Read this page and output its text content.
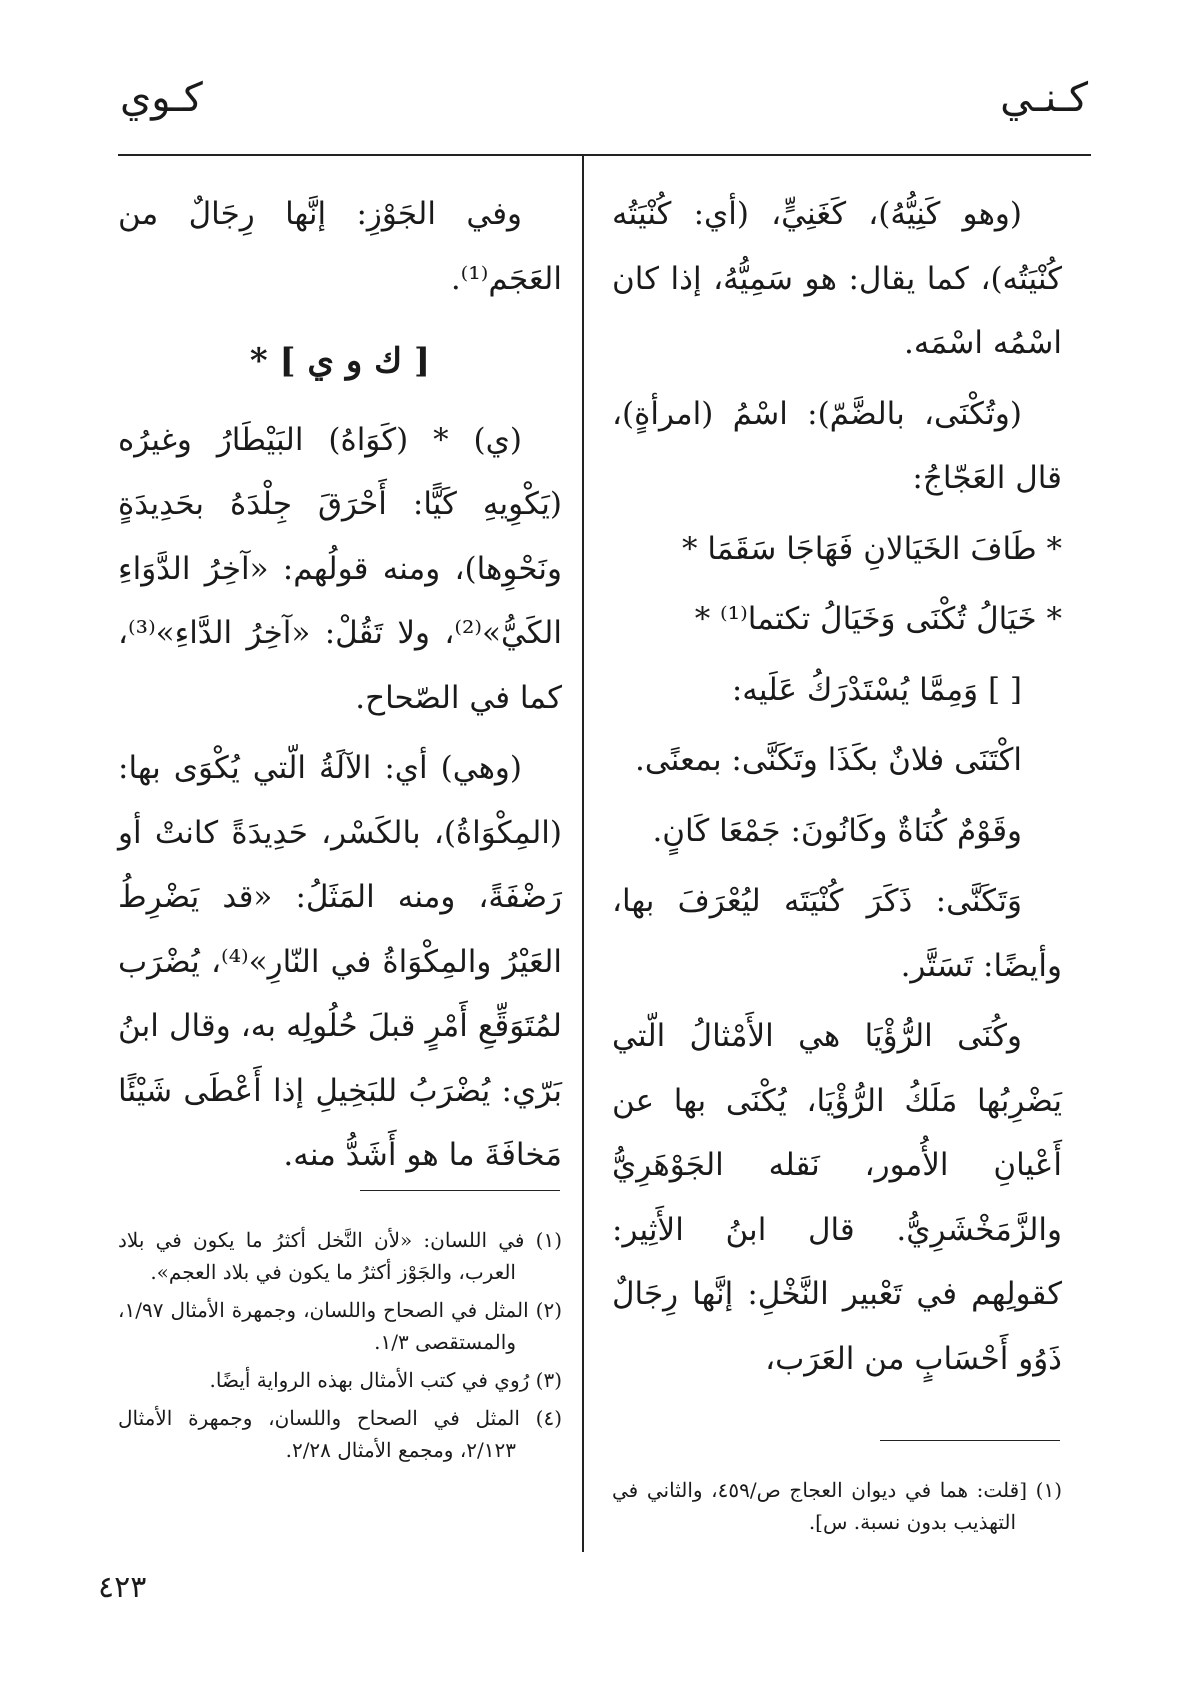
كـنـي
كـوي

(وهو كَنِيُّهُ)، كَغَنِيٍّ، (أي: كُنْيَتُه كُنْيَتُه)، كما يقال: هو سَمِيُّهُ، إذا كان اسْمُه اسْمَه.

(وتُكْنَى، بالضَّمّ): اسْمُ (امرأةٍ)، قال العَجّاجُ:

* طَافَ الخَيَالانِ فَهَاجَا سَقَمَا *

* خَيَالُ تُكْنَى وَخَيَالُ تكتما⁽¹⁾ *

[ ] وَمِمَّا يُسْتَدْرَكُ عَلَيه:

اكْتَنَى فلانٌ بكَذَا وتَكَنَّى: بمعنًى.

وقَوْمٌ كُنَاةٌ وكَانُونَ: جَمْعَا كَانٍ.

وَتَكَنَّى: ذَكَرَ كُنْيَتَه ليُعْرَفَ بها، وأيضًا: تَسَتَّر.

وكُنَى الرُّؤْيَا هي الأَمْثالُ الّتي يَضْرِبُها مَلَكُ الرُّؤْيَا، يُكْنَى بها عن أَعْيانِ الأُمور، نَقله الجَوْهَرِيُّ والزَّمَخْشَرِيُّ. قال ابنُ الأَثِير: كقولِهم في تَعْبير النَّخْلِ: إنَّها رِجَالٌ ذَوُو أَحْسَابٍ من العَرَب،

(١) [قلت: هما في ديوان العجاج ص/٤٥٩، والثاني في التهذيب بدون نسبة. س].

وفي الجَوْزِ: إنَّها رِجَالٌ من العَجَم⁽¹⁾.

[ ك و ي ] *

(ي) * (كَوَاهُ) البَيْطَارُ وغيرُه (يَكْوِيهِ كَيًّا: أَحْرَقَ جِلْدَهُ بحَدِيدَةٍ ونَحْوِها)، ومنه قولُهم: «آخِرُ الدَّوَاءِ الكَيُّ»⁽²⁾، ولا تَقُلْ: «آخِرُ الدَّاءِ»⁽³⁾، كما في الصّحاح.

(وهي) أي: الآلَةُ الّتي يُكْوَى بها: (المِكْوَاةُ)، بالكَسْر، حَدِيدَةً كانتْ أو رَضْفَةً، ومنه المَثَلُ: «قد يَضْرِطُ العَيْرُ والمِكْوَاةُ في النّارِ»⁽⁴⁾، يُضْرَب لمُتَوَقِّعِ أَمْرٍ قبلَ حُلُولِه به، وقال ابنُ بَرّي: يُضْرَبُ للبَخِيلِ إذا أَعْطَى شَيْئًا مَخافَةَ ما هو أَشَدُّ منه.

(١) في اللسان: «لأن النَّخل أكثرُ ما يكون في بلاد العرب، والجَوْز أكثرُ ما يكون في بلاد العجم».

(٢) المثل في الصحاح واللسان، وجمهرة الأمثال ١/٩٧، والمستقصى ١/٣.

(٣) رُوي في كتب الأمثال بهذه الرواية أيضًا.

(٤) المثل في الصحاح واللسان، وجمهرة الأمثال ٢/١٢٣، ومجمع الأمثال ٢/٢٨.

٤٢٣
